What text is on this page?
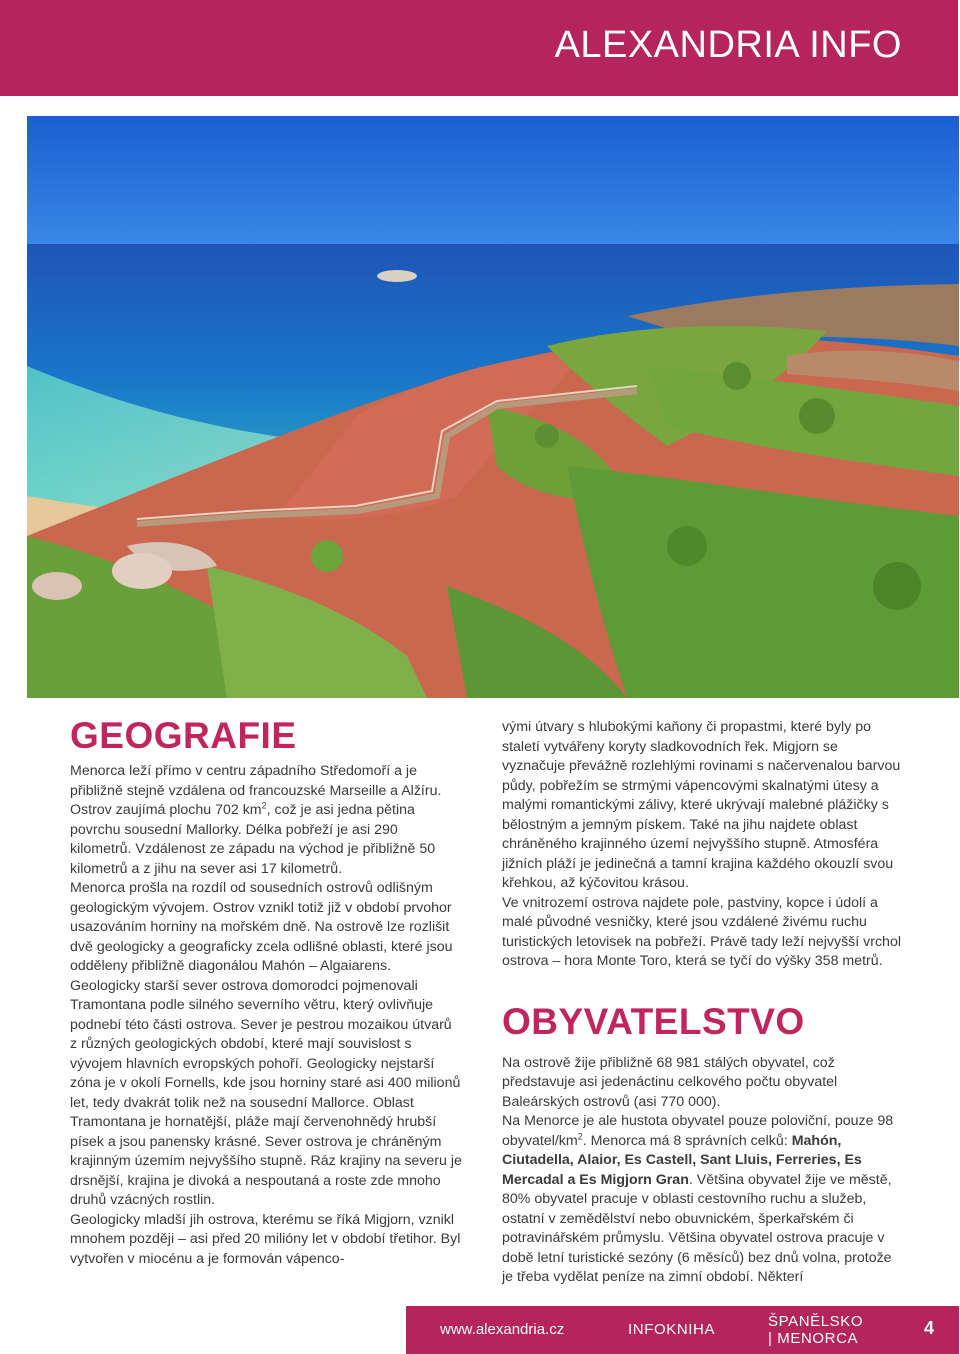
ALEXANDRIA INFO
GEOGRAFIE

Menorca leží přímo v centru západního Středomoří a je přibližně stejně vzdálena od francouzské Marseille a Alžíru. Ostrov zaujímá plochu 702 $km^2$, což je asi jedna pětina povrchu sousední Mallorky. Délka pobřeží je asi 290 kilometrů. Vzdálenost ze západu na východ je přibližně 50 kilometrů a z jihu na sever asi 17 kilometrů.

Menorca prošla na rozdíl od sousedních ostrovů odlišným geologickým vývojem. Ostrov vznikl totiž již v období prvohor usazováním horniny na mořském dně. Na ostrově lze rozlišit dvě geologicky a geograficky zcela odlišné oblasti, které jsou odděleny přibližně diagonálou Mahón – Algaiarens.

Geologicky starší sever ostrova domorodci pojmenovali Tramontana podle silného severního větru, který ovlivňuje podnebí této části ostrova. Sever je pestrou mozaikou útvarů z různých geologických období, které mají souvislost s vývojem hlavních evropských pohoří. Geologicky nejstarší zóna je v okolí Fornells, kde jsou horniny staré asi 400 milionů let, tedy dvakrát tolik než na sousední Mallorce. Oblast Tramontana je hornatější, pláže mají červenohnědý hrubší písek a jsou panensky krásné. Sever ostrova je chráněným krajinným územím nejvyššího stupně. Ráz krajiny na severu je drsnější, krajina je divoká a nespoutaná a roste zde mnoho druhů vzácných rostlin.

Geologicky mladší jih ostrova, kterému se říká Migjorn, vznikl mnohem později – asi před 20 milióny let v období třetihor. Byl vytvořen v miocénu a je formován vápenco-

vými útvary s hlubokými kaňony či propastmi, které byly po staletí vytvářeny koryty sladkovodních řek. Migjorn se vyznačuje převážně rozlehlými rovinami s načervenalou barvou půdy, pobřežím se strmými vápencovými skalnatými útesy a malými romantickými zálivy, které ukrývají malebné plážičky s bělostným a jemným pískem. Také na jihu najdete oblast chráněného krajinného území nejvyššího stupně. Atmosféra jižních pláží je jedinečná a tamní krajina každého okouzlí svou křehkou, až kýčovitou krásou.

Ve vnitrozemí ostrova najdete pole, pastviny, kopce i údolí a malé původné vesničky, které jsou vzdálené živému ruchu turistických letovisek na pobřeží. Právě tady leží nejvyšší vrchol ostrova – hora Monte Toro, která se tyčí do výšky 358 metrů.

OBYVATELSTVO

Na ostrově žije přibližně 68 981 stálých obyvatel, což představuje asi jedenáctinu celkového počtu obyvatel Baleárských ostrovů (asi 770 000).

Na Menorce je ale hustota obyvatel pouze poloviční, pouze 98 obyvatel/$km^2$. Menorca má 8 správních celků: Mahón, Ciutadella, Alaior, Es Castell, Sant Lluis, Ferreries, Es Mercadal a Es Migjorn Gran. Většina obyvatel žije ve městě, 80% obyvatel pracuje v oblasti cestovního ruchu a služeb, ostatní v zemědělství nebo obuvnickém, šperkařském či potravinářském průmyslu. Většina obyvatel ostrova pracuje v době letní turistické sezóny (6 měsíců) bez dnů volna, protože je třeba vydělat peníze na zimní období. Některí

www.alexandria.cz	INFOKNIHA	ŠPANĚLSKO
| MENORCA
4
